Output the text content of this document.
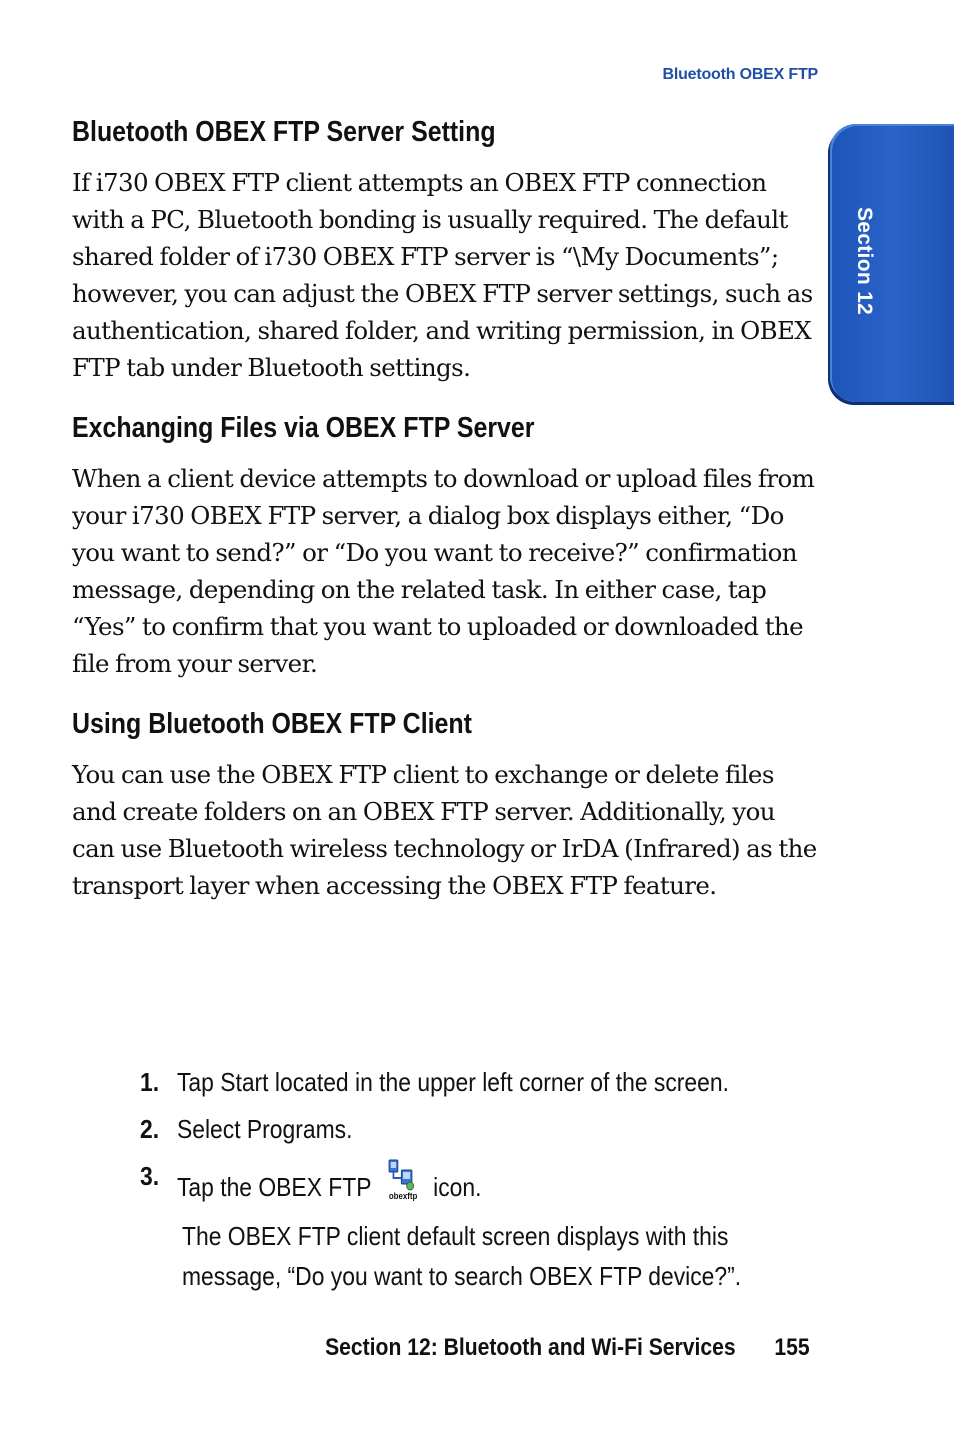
Bluetooth OBEX FTP
Section 12
Bluetooth OBEX FTP Server Setting

If i730 OBEX FTP client attempts an OBEX FTP connection with a PC, Bluetooth bonding is usually required. The default shared folder of i730 OBEX FTP server is “\My Documents”; however, you can adjust the OBEX FTP server settings, such as authentication, shared folder, and writing permission, in OBEX FTP tab under Bluetooth settings.

Exchanging Files via OBEX FTP Server

When a client device attempts to download or upload files from your i730 OBEX FTP server, a dialog box displays either, “Do you want to send?” or “Do you want to receive?” confirmation message, depending on the related task. In either case, tap “Yes” to confirm that you want to uploaded or downloaded the file from your server.

Using Bluetooth OBEX FTP Client

You can use the OBEX FTP client to exchange or delete files and create folders on an OBEX FTP server. Additionally, you can use Bluetooth wireless technology or IrDA (Infrared) as the transport layer when accessing the OBEX FTP feature.

1. Tap Start located in the upper left corner of the screen.
2. Select Programs.
3. Tap the OBEX FTP obexftp icon.
The OBEX FTP client default screen displays with this message, “Do you want to search OBEX FTP device?”.
Section 12: Bluetooth and Wi-Fi Services 155
